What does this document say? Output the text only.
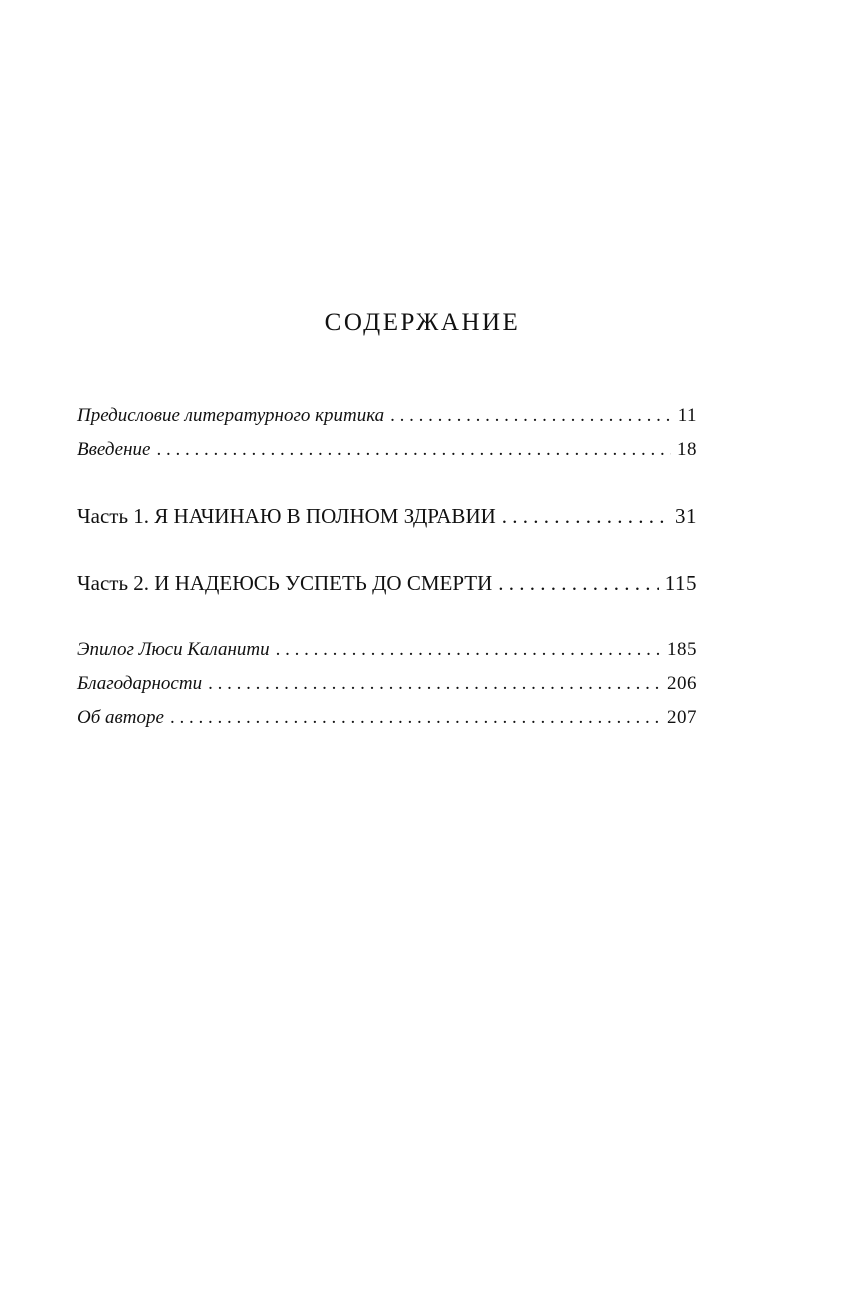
СОДЕРЖАНИЕ
Предисловие литературного критика . . .	11
Введение . . .	18
Часть 1. Я НАЧИНАЮ В ПОЛНОМ ЗДРАВИИ . . .	31
Часть 2. И НАДЕЮСЬ УСПЕТЬ ДО СМЕРТИ . . .	115
Эпилог Люси Каланити . . .	185
Благодарности . . .	206
Об авторе . . .	207
